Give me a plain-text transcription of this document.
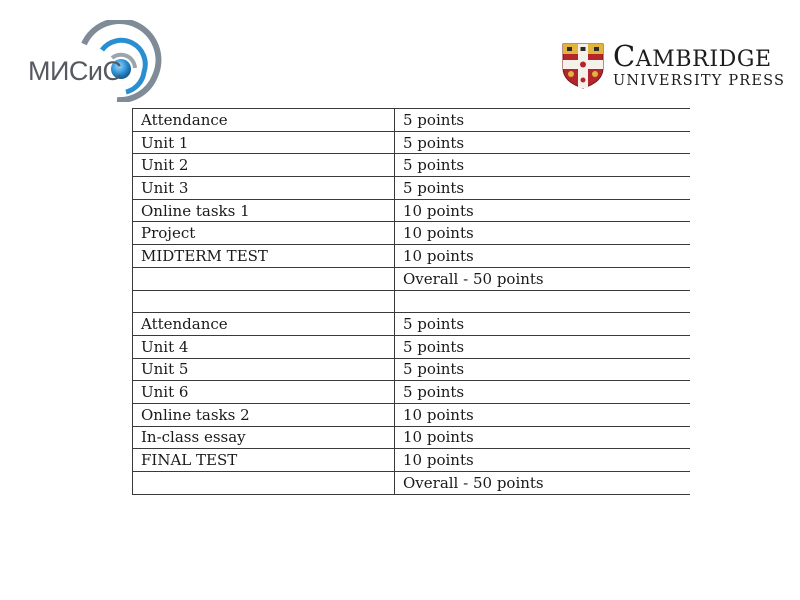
МИСиС	CAMBRIDGE
UNIVERSITY PRESS
Attendance	5 points
Unit 1	5 points
Unit 2	5 points
Unit 3	5 points
Online tasks 1	10 points
Project	10 points
MIDTERM TEST	10 points
	Overall - 50 points

Attendance	5 points
Unit 4	5 points
Unit 5	5 points
Unit 6	5 points
Online tasks 2	10 points
In-class essay	10 points
FINAL TEST	10 points
	Overall - 50 points
